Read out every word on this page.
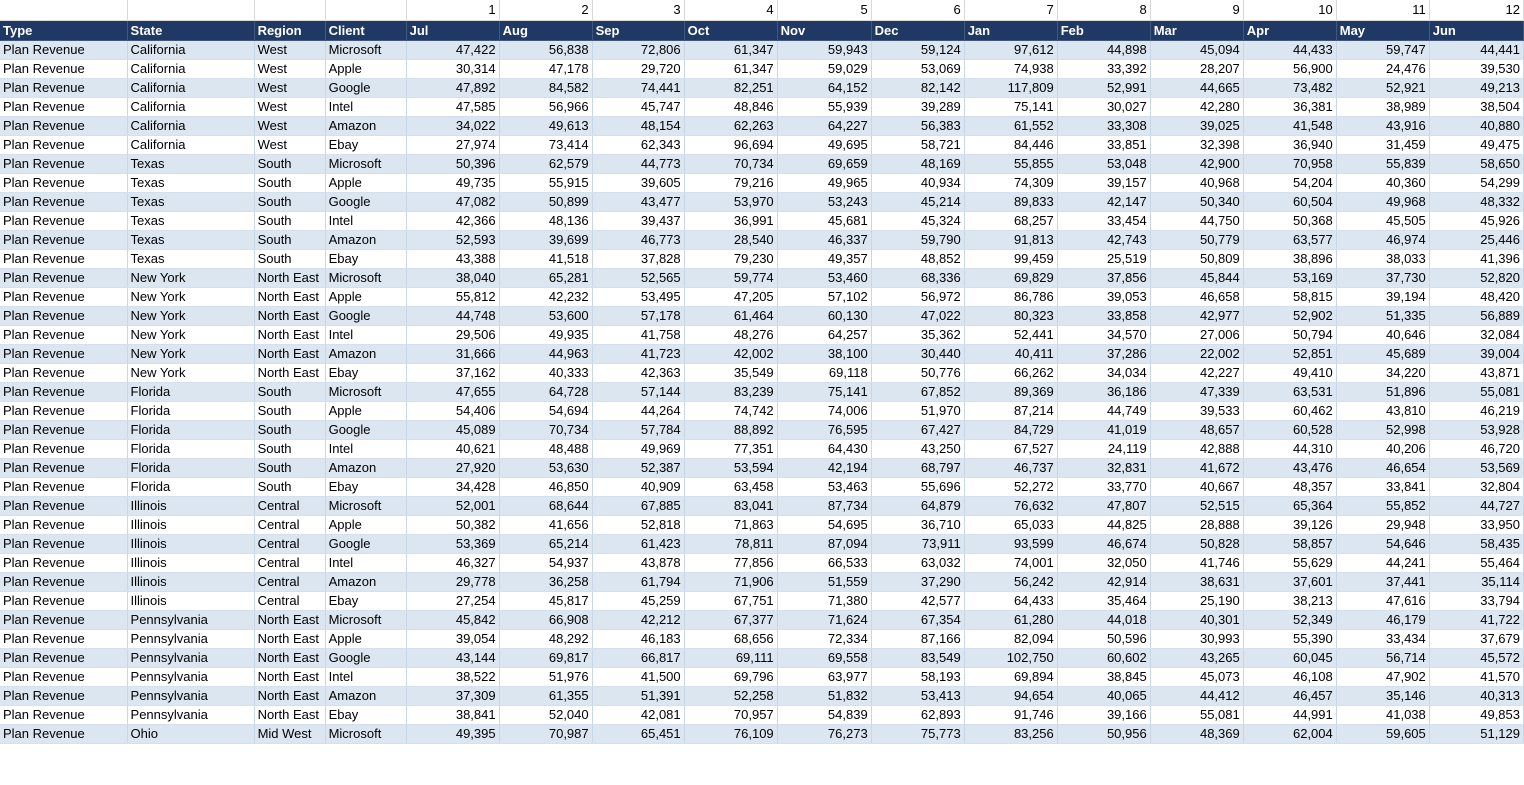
				1	2	3	4	5	6	7	8	9	10	11	12
Type	State	Region	Client	Jul	Aug	Sep	Oct	Nov	Dec	Jan	Feb	Mar	Apr	May	Jun
Plan Revenue	California	West	Microsoft	47,422	56,838	72,806	61,347	59,943	59,124	97,612	44,898	45,094	44,433	59,747	44,441
Plan Revenue	California	West	Apple	30,314	47,178	29,720	61,347	59,029	53,069	74,938	33,392	28,207	56,900	24,476	39,530
Plan Revenue	California	West	Google	47,892	84,582	74,441	82,251	64,152	82,142	117,809	52,991	44,665	73,482	52,921	49,213
Plan Revenue	California	West	Intel	47,585	56,966	45,747	48,846	55,939	39,289	75,141	30,027	42,280	36,381	38,989	38,504
Plan Revenue	California	West	Amazon	34,022	49,613	48,154	62,263	64,227	56,383	61,552	33,308	39,025	41,548	43,916	40,880
Plan Revenue	California	West	Ebay	27,974	73,414	62,343	96,694	49,695	58,721	84,446	33,851	32,398	36,940	31,459	49,475
Plan Revenue	Texas	South	Microsoft	50,396	62,579	44,773	70,734	69,659	48,169	55,855	53,048	42,900	70,958	55,839	58,650
Plan Revenue	Texas	South	Apple	49,735	55,915	39,605	79,216	49,965	40,934	74,309	39,157	40,968	54,204	40,360	54,299
Plan Revenue	Texas	South	Google	47,082	50,899	43,477	53,970	53,243	45,214	89,833	42,147	50,340	60,504	49,968	48,332
Plan Revenue	Texas	South	Intel	42,366	48,136	39,437	36,991	45,681	45,324	68,257	33,454	44,750	50,368	45,505	45,926
Plan Revenue	Texas	South	Amazon	52,593	39,699	46,773	28,540	46,337	59,790	91,813	42,743	50,779	63,577	46,974	25,446
Plan Revenue	Texas	South	Ebay	43,388	41,518	37,828	79,230	49,357	48,852	99,459	25,519	50,809	38,896	38,033	41,396
Plan Revenue	New York	North East	Microsoft	38,040	65,281	52,565	59,774	53,460	68,336	69,829	37,856	45,844	53,169	37,730	52,820
Plan Revenue	New York	North East	Apple	55,812	42,232	53,495	47,205	57,102	56,972	86,786	39,053	46,658	58,815	39,194	48,420
Plan Revenue	New York	North East	Google	44,748	53,600	57,178	61,464	60,130	47,022	80,323	33,858	42,977	52,902	51,335	56,889
Plan Revenue	New York	North East	Intel	29,506	49,935	41,758	48,276	64,257	35,362	52,441	34,570	27,006	50,794	40,646	32,084
Plan Revenue	New York	North East	Amazon	31,666	44,963	41,723	42,002	38,100	30,440	40,411	37,286	22,002	52,851	45,689	39,004
Plan Revenue	New York	North East	Ebay	37,162	40,333	42,363	35,549	69,118	50,776	66,262	34,034	42,227	49,410	34,220	43,871
Plan Revenue	Florida	South	Microsoft	47,655	64,728	57,144	83,239	75,141	67,852	89,369	36,186	47,339	63,531	51,896	55,081
Plan Revenue	Florida	South	Apple	54,406	54,694	44,264	74,742	74,006	51,970	87,214	44,749	39,533	60,462	43,810	46,219
Plan Revenue	Florida	South	Google	45,089	70,734	57,784	88,892	76,595	67,427	84,729	41,019	48,657	60,528	52,998	53,928
Plan Revenue	Florida	South	Intel	40,621	48,488	49,969	77,351	64,430	43,250	67,527	24,119	42,888	44,310	40,206	46,720
Plan Revenue	Florida	South	Amazon	27,920	53,630	52,387	53,594	42,194	68,797	46,737	32,831	41,672	43,476	46,654	53,569
Plan Revenue	Florida	South	Ebay	34,428	46,850	40,909	63,458	53,463	55,696	52,272	33,770	40,667	48,357	33,841	32,804
Plan Revenue	Illinois	Central	Microsoft	52,001	68,644	67,885	83,041	87,734	64,879	76,632	47,807	52,515	65,364	55,852	44,727
Plan Revenue	Illinois	Central	Apple	50,382	41,656	52,818	71,863	54,695	36,710	65,033	44,825	28,888	39,126	29,948	33,950
Plan Revenue	Illinois	Central	Google	53,369	65,214	61,423	78,811	87,094	73,911	93,599	46,674	50,828	58,857	54,646	58,435
Plan Revenue	Illinois	Central	Intel	46,327	54,937	43,878	77,856	66,533	63,032	74,001	32,050	41,746	55,629	44,241	55,464
Plan Revenue	Illinois	Central	Amazon	29,778	36,258	61,794	71,906	51,559	37,290	56,242	42,914	38,631	37,601	37,441	35,114
Plan Revenue	Illinois	Central	Ebay	27,254	45,817	45,259	67,751	71,380	42,577	64,433	35,464	25,190	38,213	47,616	33,794
Plan Revenue	Pennsylvania	North East	Microsoft	45,842	66,908	42,212	67,377	71,624	67,354	61,280	44,018	40,301	52,349	46,179	41,722
Plan Revenue	Pennsylvania	North East	Apple	39,054	48,292	46,183	68,656	72,334	87,166	82,094	50,596	30,993	55,390	33,434	37,679
Plan Revenue	Pennsylvania	North East	Google	43,144	69,817	66,817	69,111	69,558	83,549	102,750	60,602	43,265	60,045	56,714	45,572
Plan Revenue	Pennsylvania	North East	Intel	38,522	51,976	41,500	69,796	63,977	58,193	69,894	38,845	45,073	46,108	47,902	41,570
Plan Revenue	Pennsylvania	North East	Amazon	37,309	61,355	51,391	52,258	51,832	53,413	94,654	40,065	44,412	46,457	35,146	40,313
Plan Revenue	Pennsylvania	North East	Ebay	38,841	52,040	42,081	70,957	54,839	62,893	91,746	39,166	55,081	44,991	41,038	49,853
Plan Revenue	Ohio	Mid West	Microsoft	49,395	70,987	65,451	76,109	76,273	75,773	83,256	50,956	48,369	62,004	59,605	51,129
